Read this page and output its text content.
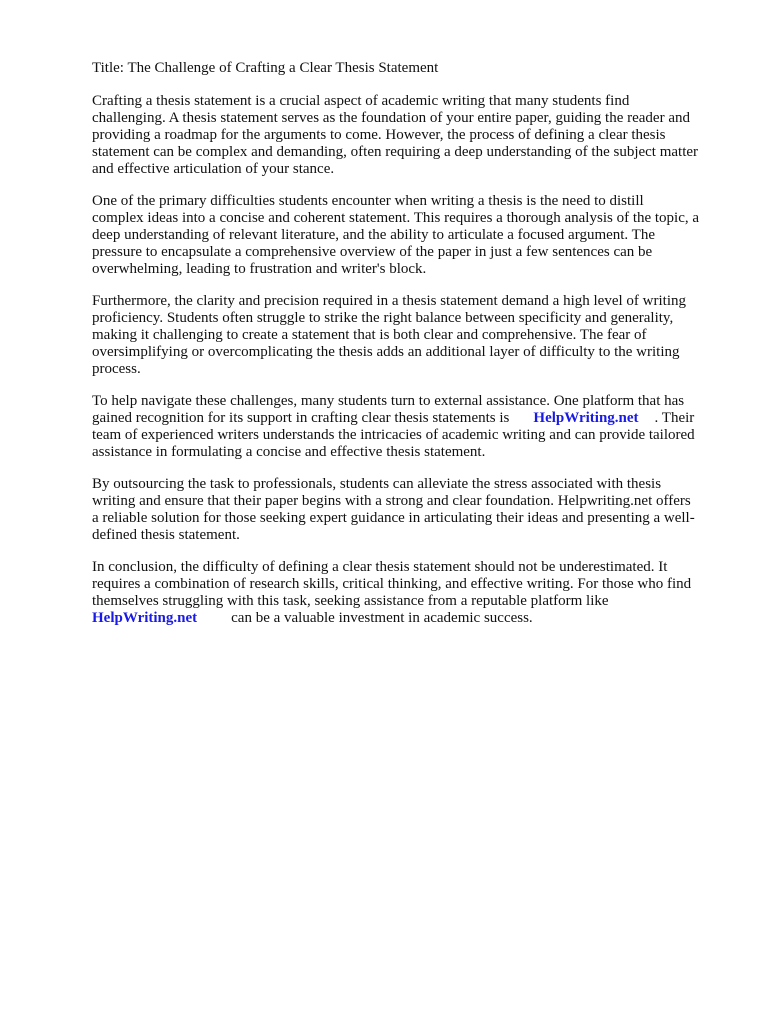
Title: The Challenge of Crafting a Clear Thesis Statement
Crafting a thesis statement is a crucial aspect of academic writing that many students find
challenging. A thesis statement serves as the foundation of your entire paper, guiding the reader and
providing a roadmap for the arguments to come. However, the process of defining a clear thesis
statement can be complex and demanding, often requiring a deep understanding of the subject matter
and effective articulation of your stance.
One of the primary difficulties students encounter when writing a thesis is the need to distill
complex ideas into a concise and coherent statement. This requires a thorough analysis of the topic, a
deep understanding of relevant literature, and the ability to articulate a focused argument. The
pressure to encapsulate a comprehensive overview of the paper in just a few sentences can be
overwhelming, leading to frustration and writer's block.
Furthermore, the clarity and precision required in a thesis statement demand a high level of writing
proficiency. Students often struggle to strike the right balance between specificity and generality,
making it challenging to create a statement that is both clear and comprehensive. The fear of
oversimplifying or overcomplicating the thesis adds an additional layer of difficulty to the writing
process.
To help navigate these challenges, many students turn to external assistance. One platform that has
gained recognition for its support in crafting clear thesis statements is HelpWriting.net . Their
team of experienced writers understands the intricacies of academic writing and can provide tailored
assistance in formulating a concise and effective thesis statement.
By outsourcing the task to professionals, students can alleviate the stress associated with thesis
writing and ensure that their paper begins with a strong and clear foundation. Helpwriting.net offers
a reliable solution for those seeking expert guidance in articulating their ideas and presenting a well-
defined thesis statement.
In conclusion, the difficulty of defining a clear thesis statement should not be underestimated. It
requires a combination of research skills, critical thinking, and effective writing. For those who find
themselves struggling with this task, seeking assistance from a reputable platform like
HelpWriting.net can be a valuable investment in academic success.
